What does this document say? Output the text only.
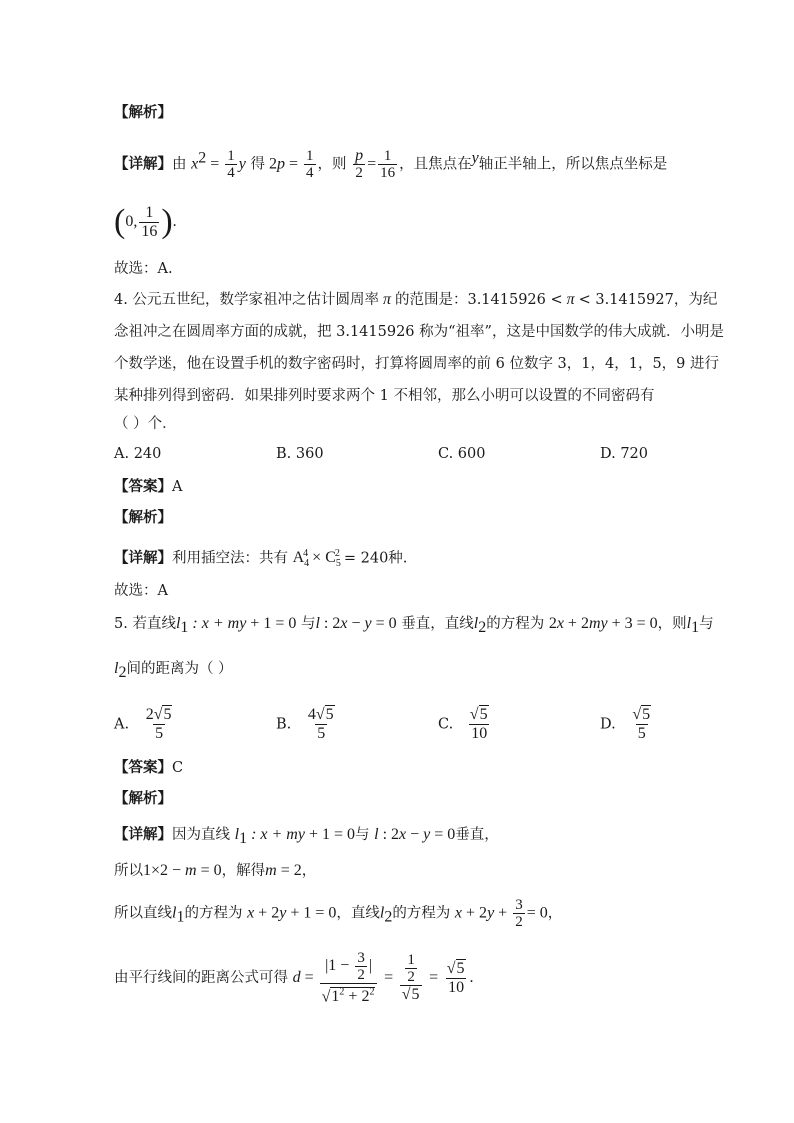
【解析】
【详解】由 $x^2 = \frac{1}{4}$ y 得 $2p = \frac{1}{4}$ ，则 $\frac{p}{2} = \frac{1}{16}$ ，且焦点在$^y$轴正半轴上，所以焦点坐标是
(0, $\frac{1}{16}$ ).
故选：A.
4. 公元五世纪，数学家祖冲之估计圆周率 π 的范围是：3.1415926 < π < 3.1415927，为纪
念祖冲之在圆周率方面的成就，把 3.1415926 称为“祖率”，这是中国数学的伟大成就．小明是
个数学迷，他在设置手机的数字密码时，打算将圆周率的前 6 位数字 3，1，4，1，5，9 进行
某种排列得到密码．如果排列时要求两个 1 不相邻，那么小明可以设置的不同密码有
（ ）个．
A. 240	B. 360	C. 600	D. 720
【答案】A
【解析】
【详解】利用插空法：共有 $A_4^4 \times C_5^2 = 240$种.
故选：A
5. 若直线$l_1$ : x + my + 1 = 0 与l : 2x − y = 0 垂直，直线$l_2$的方程为 2x + 2my + 3 = 0，则$l_1$与
$l_2$间的距离为（ ）
A. $\frac{2√5}{5}$	B. $\frac{4√5}{5}$	C. $\frac{√5}{10}$	D. $\frac{√5}{5}$
【答案】C
【解析】
【详解】因为直线 $l_1$ : x + my + 1 = 0与 l : 2x − y = 0垂直，
所以1×2 − m = 0，解得m = 2，
所以直线$l_1$的方程为 x + 2y + 1 = 0，直线$l_2$的方程为 $x + 2y + \frac{3}{2} = 0$，
由平行线间的距离公式可得 $d = \frac{|1 - \frac{3}{2} |}{√1^2 + 2^2} = \frac{\frac{1}{2}}{√5} = \frac{√5}{10}$ .
